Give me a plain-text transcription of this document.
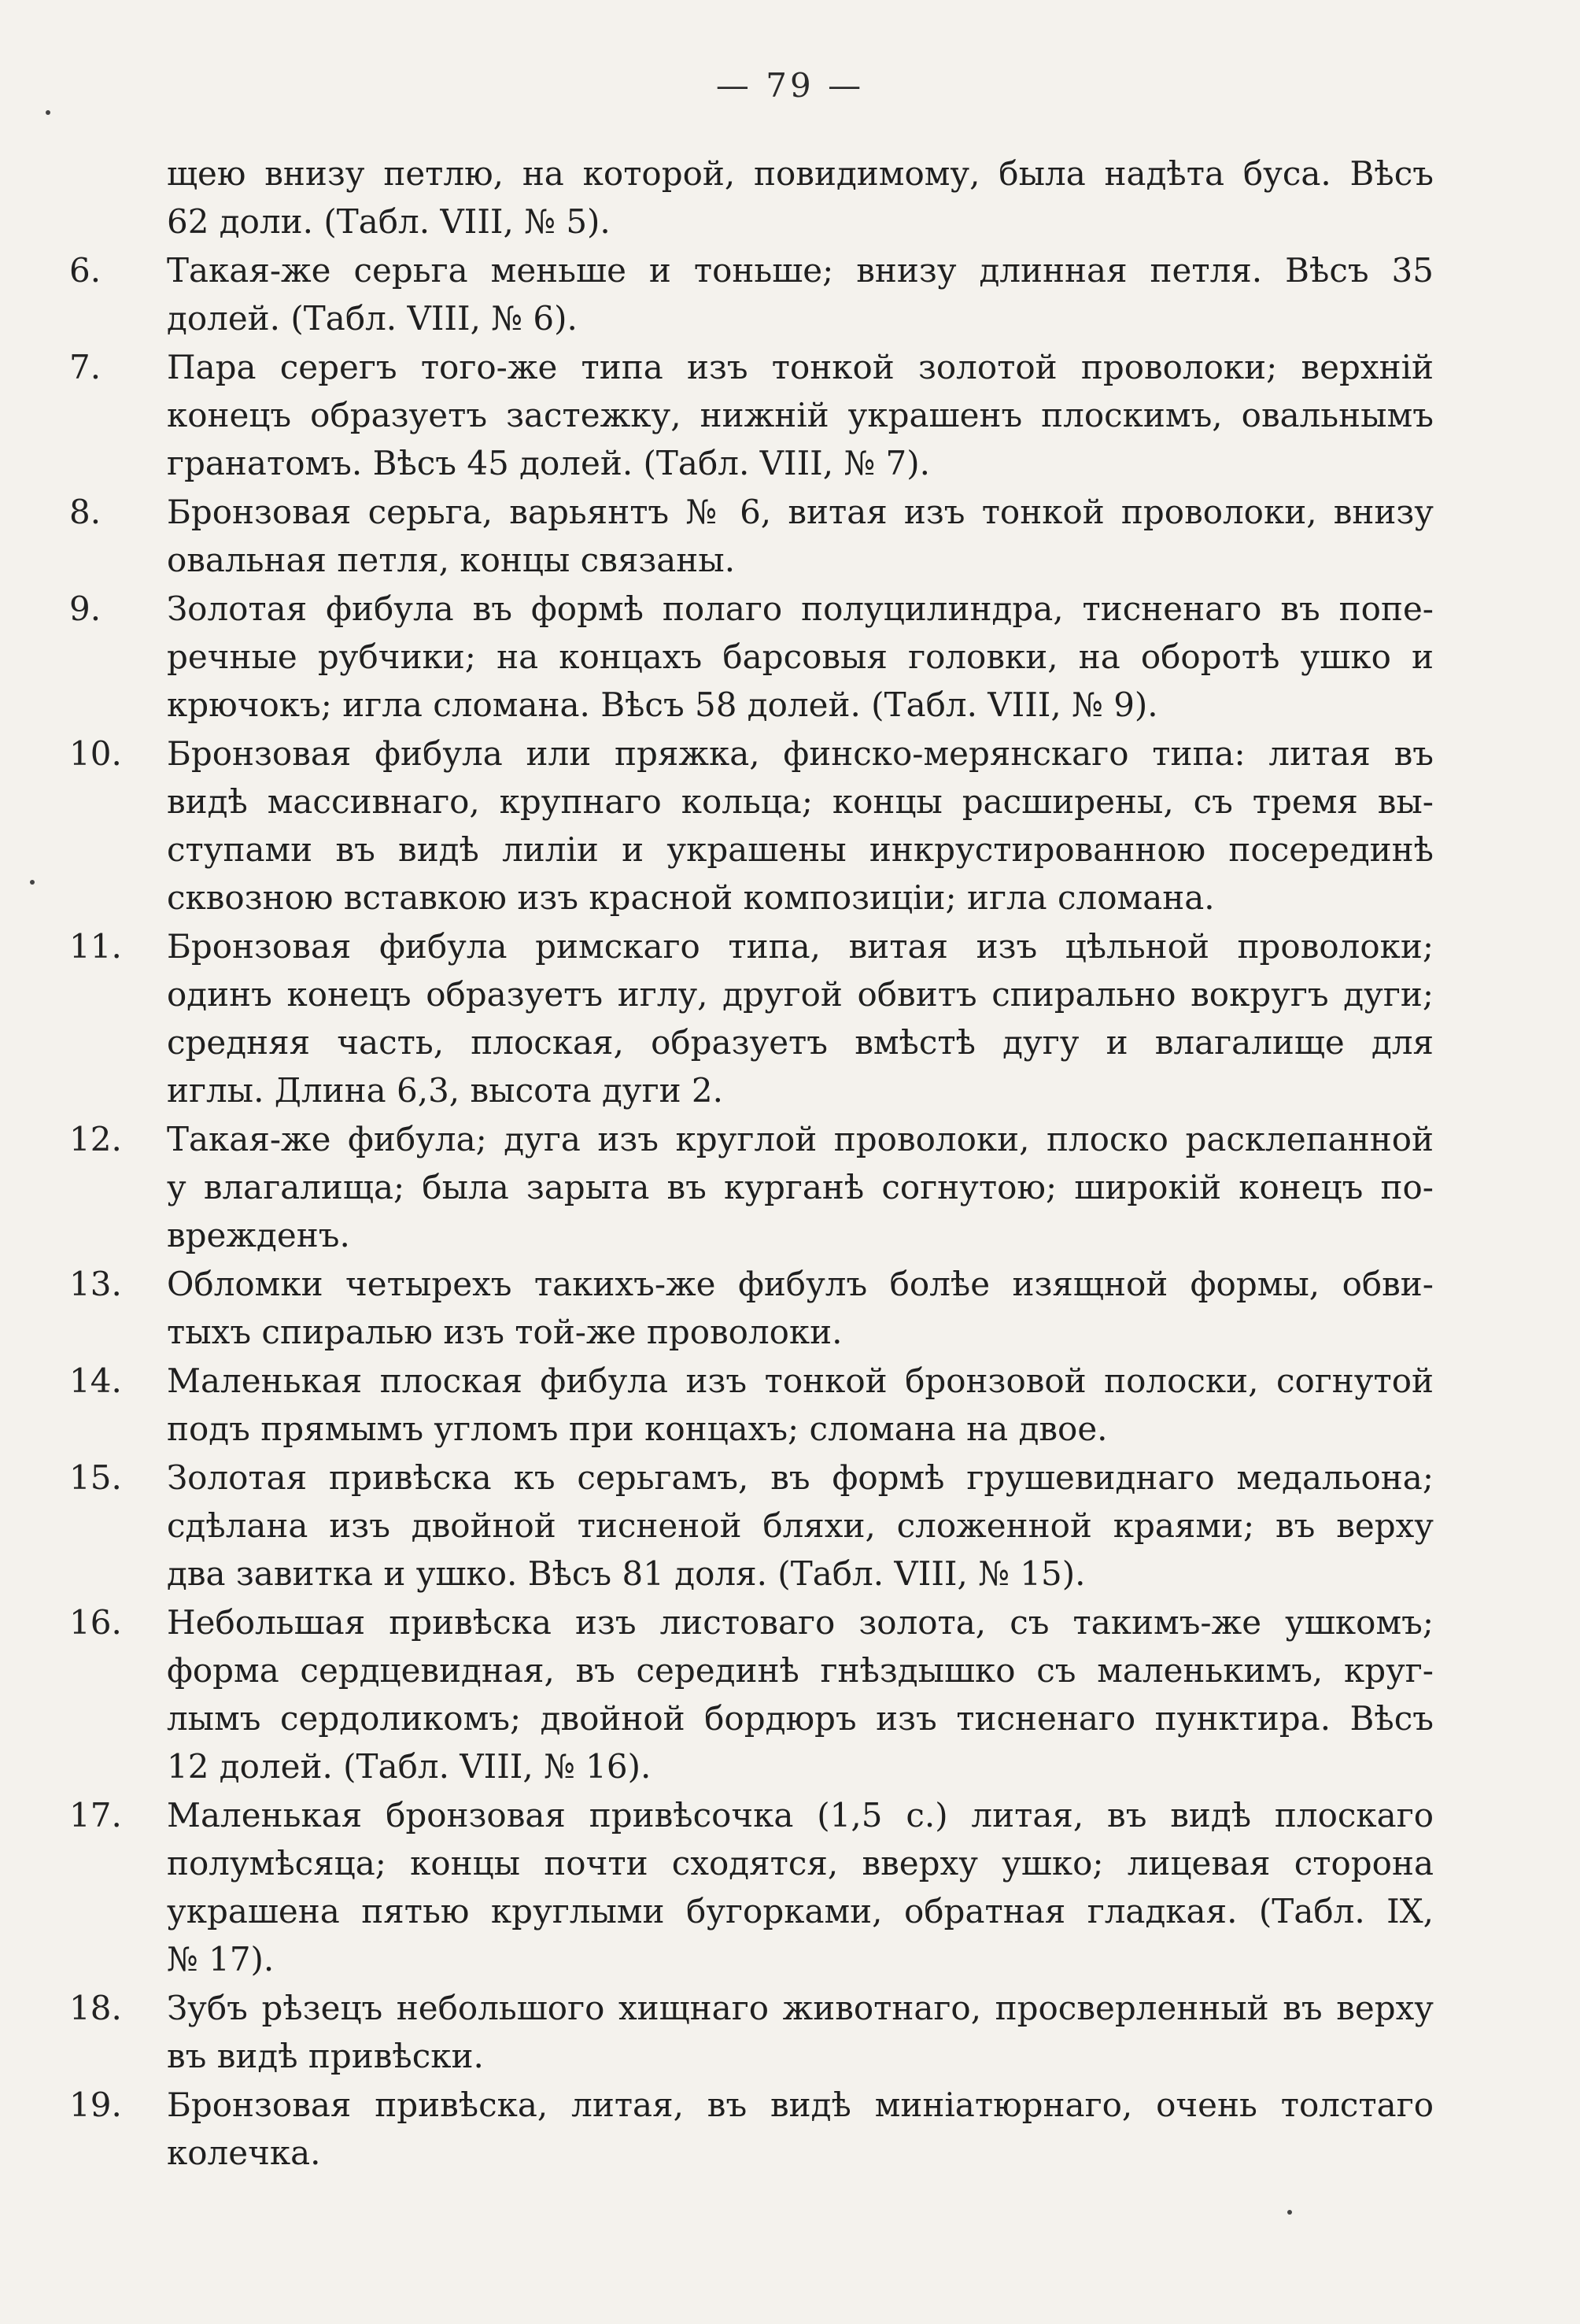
— 79 —
щею внизу петлю, на которой, повидимому, была надѣта буса. Вѣсъ
62 доли. (Табл. VIII, № 5).
6.	Такая-же серьга меньше и тоньше; внизу длинная петля. Вѣсъ 35
долей. (Табл. VIII, № 6).
7.	Пара серегъ того-же типа изъ тонкой золотой проволоки; верхній
конецъ образуетъ застежку, нижній украшенъ плоскимъ, овальнымъ
гранатомъ. Вѣсъ 45 долей. (Табл. VIII, № 7).
8.	Бронзовая серьга, варьянтъ № 6, витая изъ тонкой проволоки, внизу
овальная петля, концы связаны.
9.	Золотая фибула въ формѣ полаго полуцилиндра, тисненаго въ попе-
речные рубчики; на концахъ барсовыя головки, на оборотѣ ушко и
крючокъ; игла сломана. Вѣсъ 58 долей. (Табл. VIII, № 9).
10.	Бронзовая фибула или пряжка, финско-мерянскаго типа: литая въ
видѣ массивнаго, крупнаго кольца; концы расширены, съ тремя вы-
ступами въ видѣ лиліи и украшены инкрустированною посерединѣ
сквозною вставкою изъ красной композиціи; игла сломана.
11.	Бронзовая фибула римскаго типа, витая изъ цѣльной проволоки;
одинъ конецъ образуетъ иглу, другой обвитъ спирально вокругъ дуги;
средняя часть, плоская, образуетъ вмѣстѣ дугу и влагалище для
иглы. Длина 6,3, высота дуги 2.
12.	Такая-же фибула; дуга изъ круглой проволоки, плоско расклепанной
у влагалища; была зарыта въ курганѣ согнутою; широкій конецъ по-
врежденъ.
13.	Обломки четырехъ такихъ-же фибулъ болѣе изящной формы, обви-
тыхъ спиралью изъ той-же проволоки.
14.	Маленькая плоская фибула изъ тонкой бронзовой полоски, согнутой
подъ прямымъ угломъ при концахъ; сломана на двое.
15.	Золотая привѣска къ серьгамъ, въ формѣ грушевиднаго медальона;
сдѣлана изъ двойной тисненой бляхи, сложенной краями; въ верху
два завитка и ушко. Вѣсъ 81 доля. (Табл. VIII, № 15).
16.	Небольшая привѣска изъ листоваго золота, съ такимъ-же ушкомъ;
форма сердцевидная, въ серединѣ гнѣздышко съ маленькимъ, круг-
лымъ сердоликомъ; двойной бордюръ изъ тисненаго пунктира. Вѣсъ
12 долей. (Табл. VIII, № 16).
17.	Маленькая бронзовая привѣсочка (1,5 с.) литая, въ видѣ плоскаго
полумѣсяца; концы почти сходятся, вверху ушко; лицевая сторона
украшена пятью круглыми бугорками, обратная гладкая. (Табл. IX,
№ 17).
18.	Зубъ рѣзецъ небольшого хищнаго животнаго, просверленный въ верху
въ видѣ привѣски.
19.	Бронзовая привѣска, литая, въ видѣ миніатюрнаго, очень толстаго
колечка.
